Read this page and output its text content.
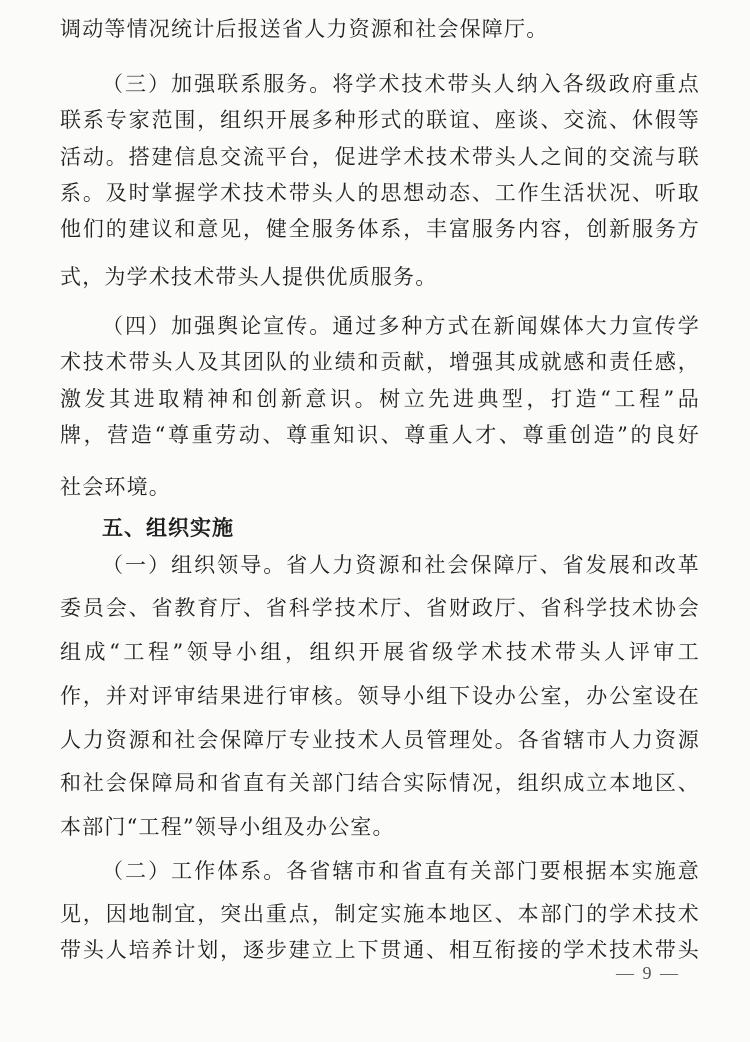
调动等情况统计后报送省人力资源和社会保障厅。
（三）加强联系服务。将学术技术带头人纳入各级政府重点
联系专家范围，组织开展多种形式的联谊、座谈、交流、休假等
活动。搭建信息交流平台，促进学术技术带头人之间的交流与联
系。及时掌握学术技术带头人的思想动态、工作生活状况、听取
他们的建议和意见，健全服务体系，丰富服务内容，创新服务方
式，为学术技术带头人提供优质服务。
（四）加强舆论宣传。通过多种方式在新闻媒体大力宣传学
术技术带头人及其团队的业绩和贡献，增强其成就感和责任感，
激发其进取精神和创新意识。树立先进典型，打造“工程”品
牌，营造“尊重劳动、尊重知识、尊重人才、尊重创造”的良好
社会环境。
五、组织实施
（一）组织领导。省人力资源和社会保障厅、省发展和改革
委员会、省教育厅、省科学技术厅、省财政厅、省科学技术协会
组成“工程”领导小组，组织开展省级学术技术带头人评审工
作，并对评审结果进行审核。领导小组下设办公室，办公室设在
人力资源和社会保障厅专业技术人员管理处。各省辖市人力资源
和社会保障局和省直有关部门结合实际情况，组织成立本地区、
本部门“工程”领导小组及办公室。
（二）工作体系。各省辖市和省直有关部门要根据本实施意
见，因地制宜，突出重点，制定实施本地区、本部门的学术技术
带头人培养计划，逐步建立上下贯通、相互衔接的学术技术带头
— 9 —
